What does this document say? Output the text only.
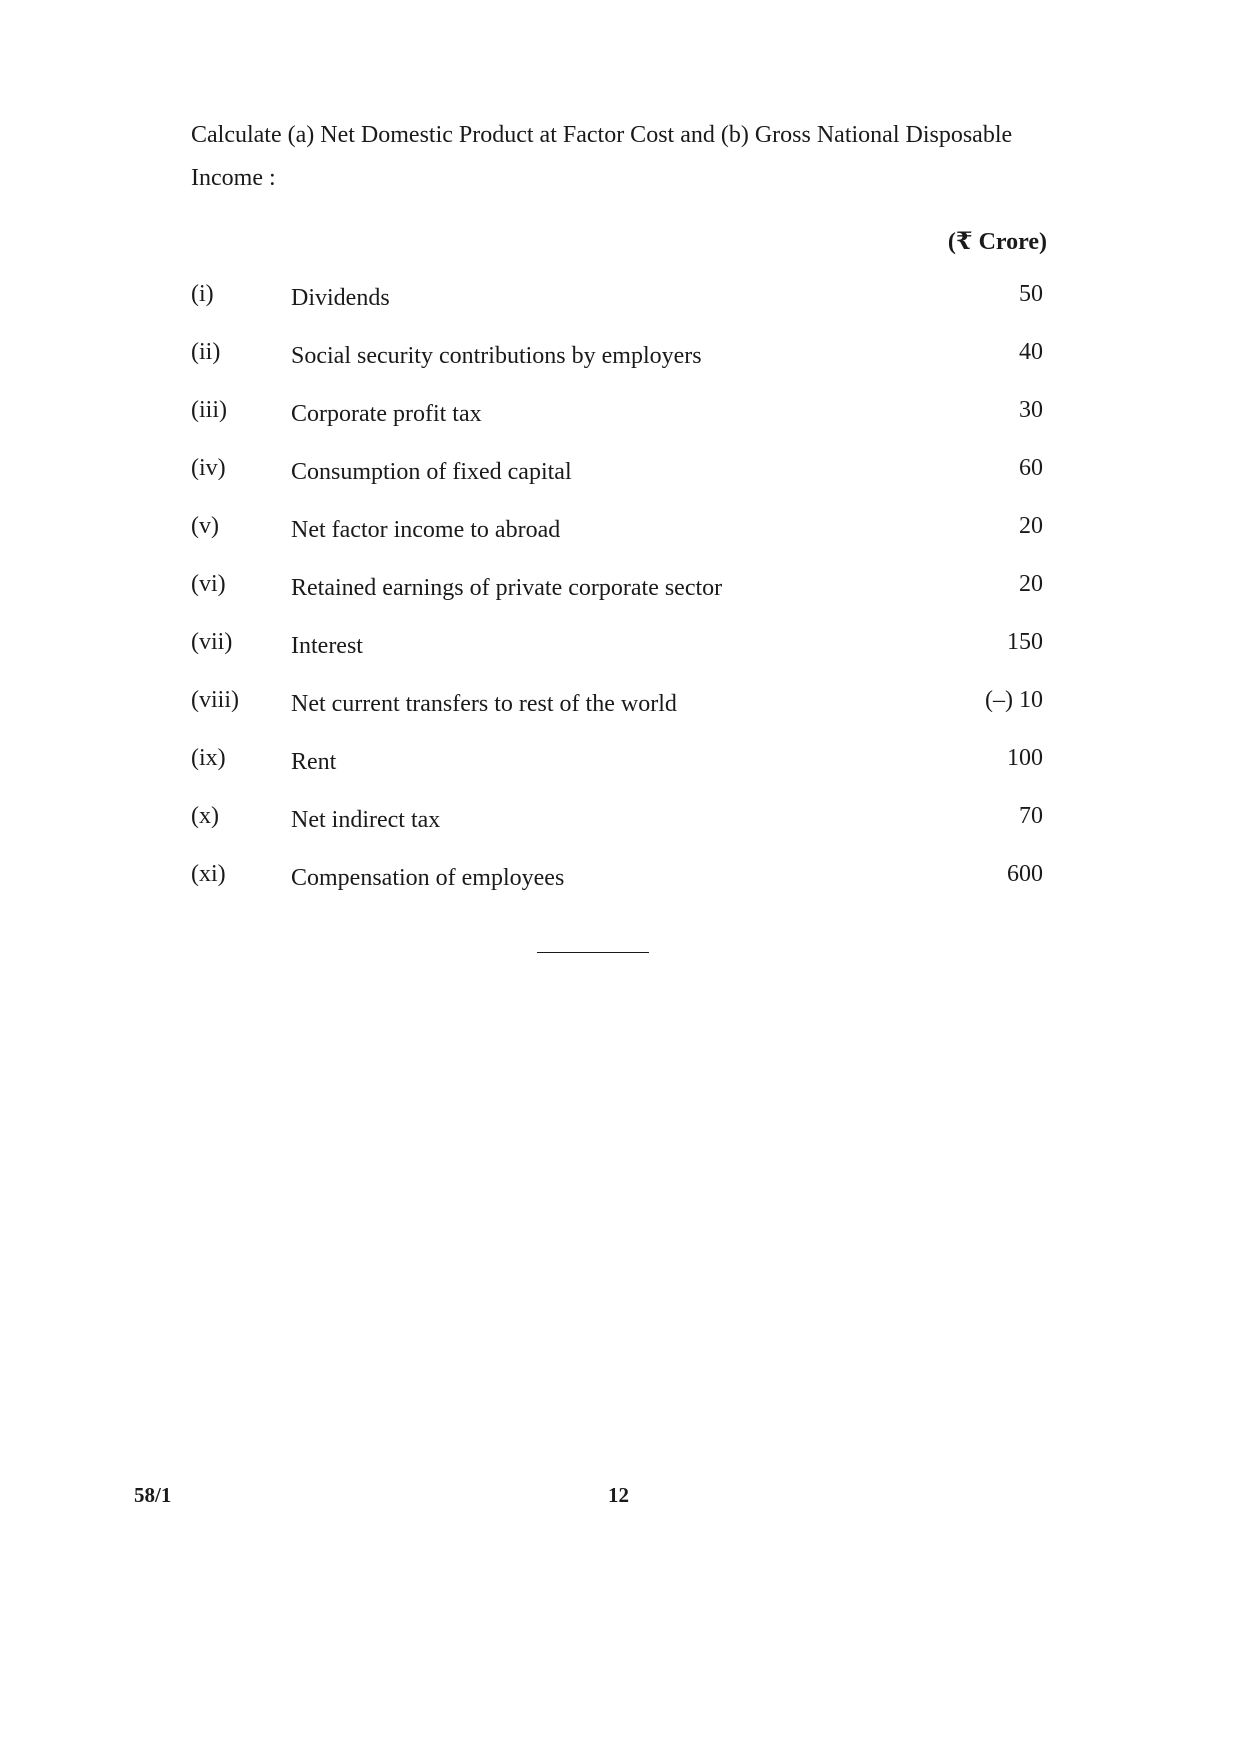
Calculate (a) Net Domestic Product at Factor Cost and (b) Gross National Disposable Income :

(₹ Crore)
(i)	Dividends	50
(ii)	Social security contributions by employers	40
(iii)	Corporate profit tax	30
(iv)	Consumption of fixed capital	60
(v)	Net factor income to abroad	20
(vi)	Retained earnings of private corporate sector	20
(vii) Interest	150
(viii) Net current transfers to rest of the world	(–) 10
(ix)	Rent	100
(x)	Net indirect tax	70
(xi)	Compensation of employees	600
58/1	12
